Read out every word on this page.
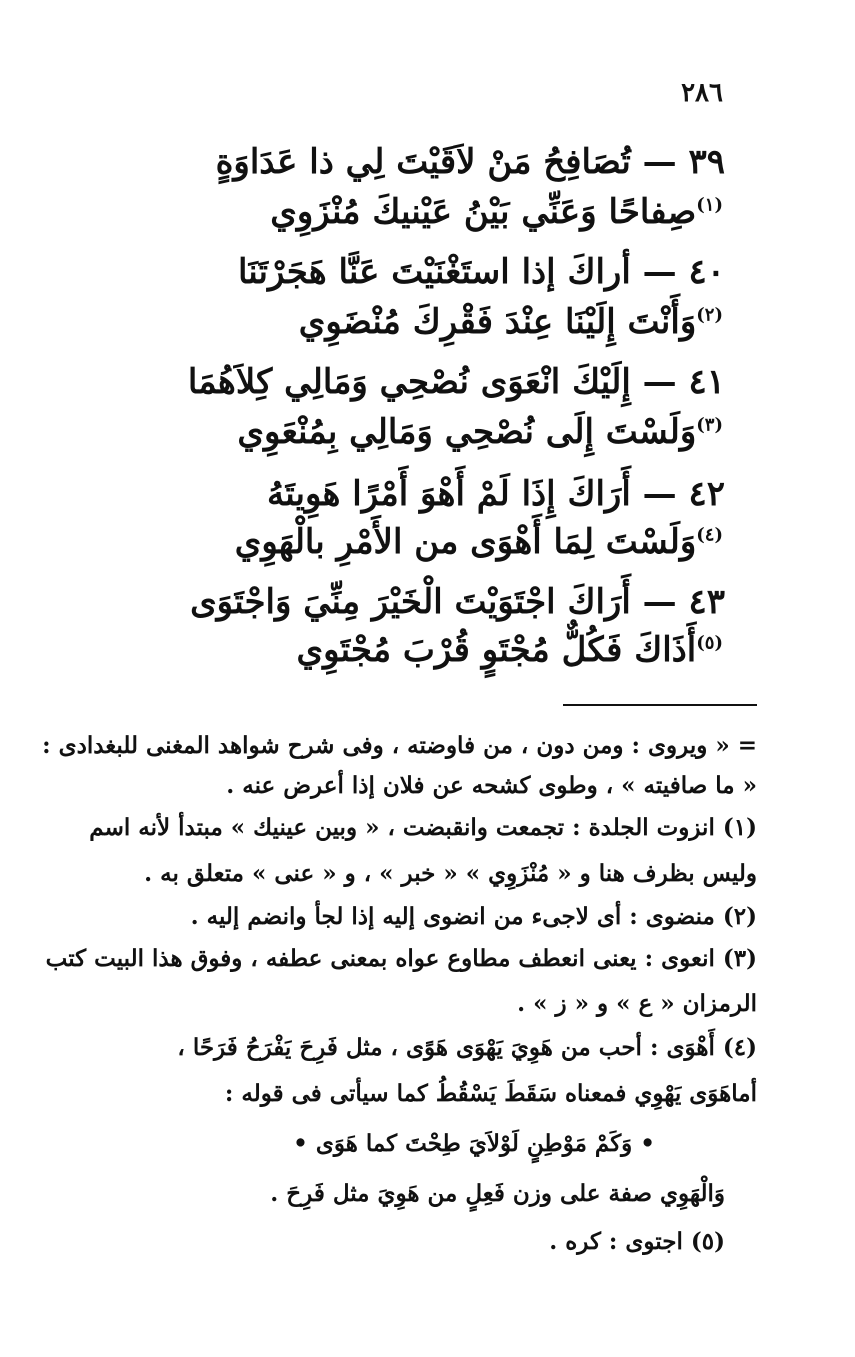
٢٨٦
٣٩ — تُصَافِحُ مَنْ لاَقَيْتَ لِي ذا عَدَاوَةٍ
$^{(١)}$صِفاحًا وَعَنِّي بَيْنُ عَيْنيكَ مُنْزَوِي
٤٠ — أراكَ إذا استَغْنَيْتَ عَنَّا هَجَرْتَنَا
$^{(٢)}$وَأَنْتَ إِلَيْنَا عِنْدَ فَقْرِكَ مُنْضَوِي
٤١ — إِلَيْكَ انْعَوَى نُصْحِي وَمَالِي كِلاَهُمَا
$^{(٣)}$وَلَسْتَ إِلَى نُصْحِي وَمَالِي بِمُنْعَوِي
٤٢ — أَرَاكَ إِذَا لَمْ أَهْوَ أَمْرًا هَوِيتَهُ
$^{(٤)}$وَلَسْتَ لِمَا أَهْوَى من الأَمْرِ بالْهَوِي
٤٣ — أَرَاكَ اجْتَوَيْتَ الْخَيْرَ مِنِّيَ وَاجْتَوَى
$^{(٥)}$أَذَاكَ فَكُلٌّ مُجْتَوٍ قُرْبَ مُجْتَوِي
= « ويروى : ومن دون ، من فاوضته ، وفى شرح شواهد المغنى للبغدادى :
« ما صافيته » ، وطوى كشحه عن فلان إذا أعرض عنه .
(١) انزوت الجلدة : تجمعت وانقبضت ، « وبين عينيك » مبتدأ لأنه اسم
وليس بظرف هنا و « مُنْزَوِي » « خبر » ، و « عنى » متعلق به .
(٢) منضوى : أى لاجىء من انضوى إليه إذا لجأ وانضم إليه .
(٣) انعوى : يعنى انعطف مطاوع عواه بمعنى عطفه ، وفوق هذا البيت كتب
الرمزان « ع » و « ز » .
(٤) أَهْوَى : أحب من هَوِيَ يَهْوَى هَوًى ، مثل فَرِحَ يَفْرَحُ فَرَحًا ،
أماهَوَى يَهْوِي فمعناه سَقَطَ يَسْقُطُ كما سيأتى فى قوله :
• وَكَمْ مَوْطِنٍ لَوْلاَيَ طِحْتَ كما هَوَى •
وَالْهَوِي صفة على وزن فَعِلٍ من هَوِيَ مثل فَرِحَ .
(٥) اجتوى : كره .
